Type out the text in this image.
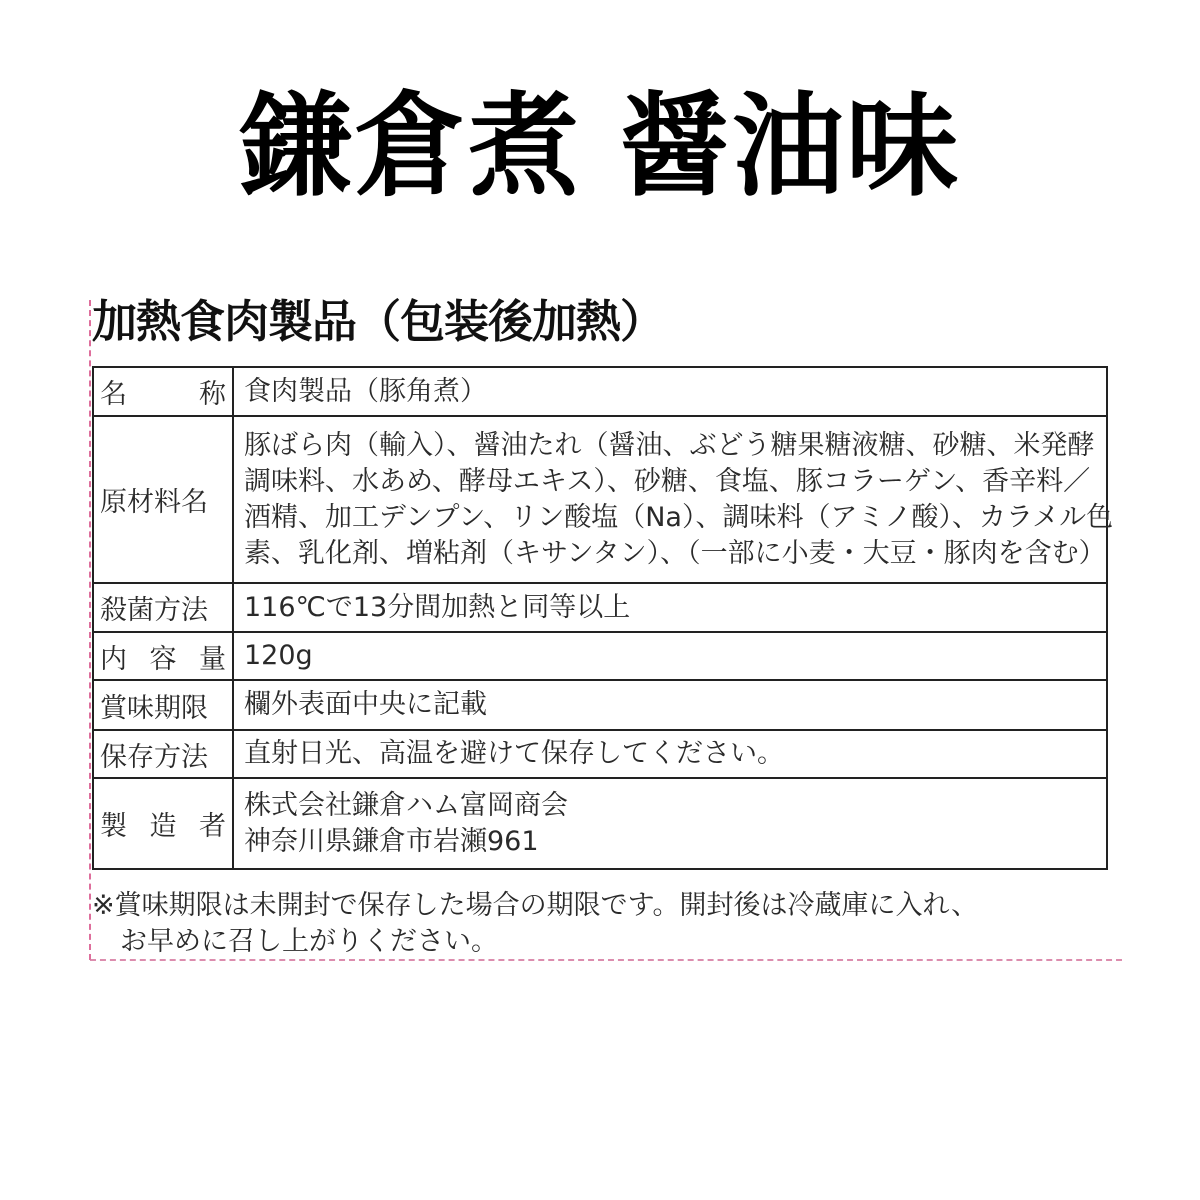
鎌倉煮 醤油味
加熱食肉製品（包装後加熱）
名 称	食肉製品（豚角煮）

原材料名	豚ばら肉（輸入）、醤油たれ（醤油、ぶどう糖果糖液糖、砂糖、米発酵
調味料、水あめ、酵母エキス）、砂糖、食塩、豚コラーゲン、香辛料／
酒精、加工デンプン、リン酸塩（Na）、調味料（アミノ酸）、カラメル色
素、乳化剤、増粘剤（キサンタン）、（一部に小麦・大豆・豚肉を含む）

殺菌方法	116℃で13分間加熱と同等以上

内 容 量	120g

賞味期限	欄外表面中央に記載

保存方法	直射日光、高温を避けて保存してください。

製 造 者	株式会社鎌倉ハム富岡商会
神奈川県鎌倉市岩瀬961
※賞味期限は未開封で保存した場合の期限です。開封後は冷蔵庫に入れ、
お早めに召し上がりください。
